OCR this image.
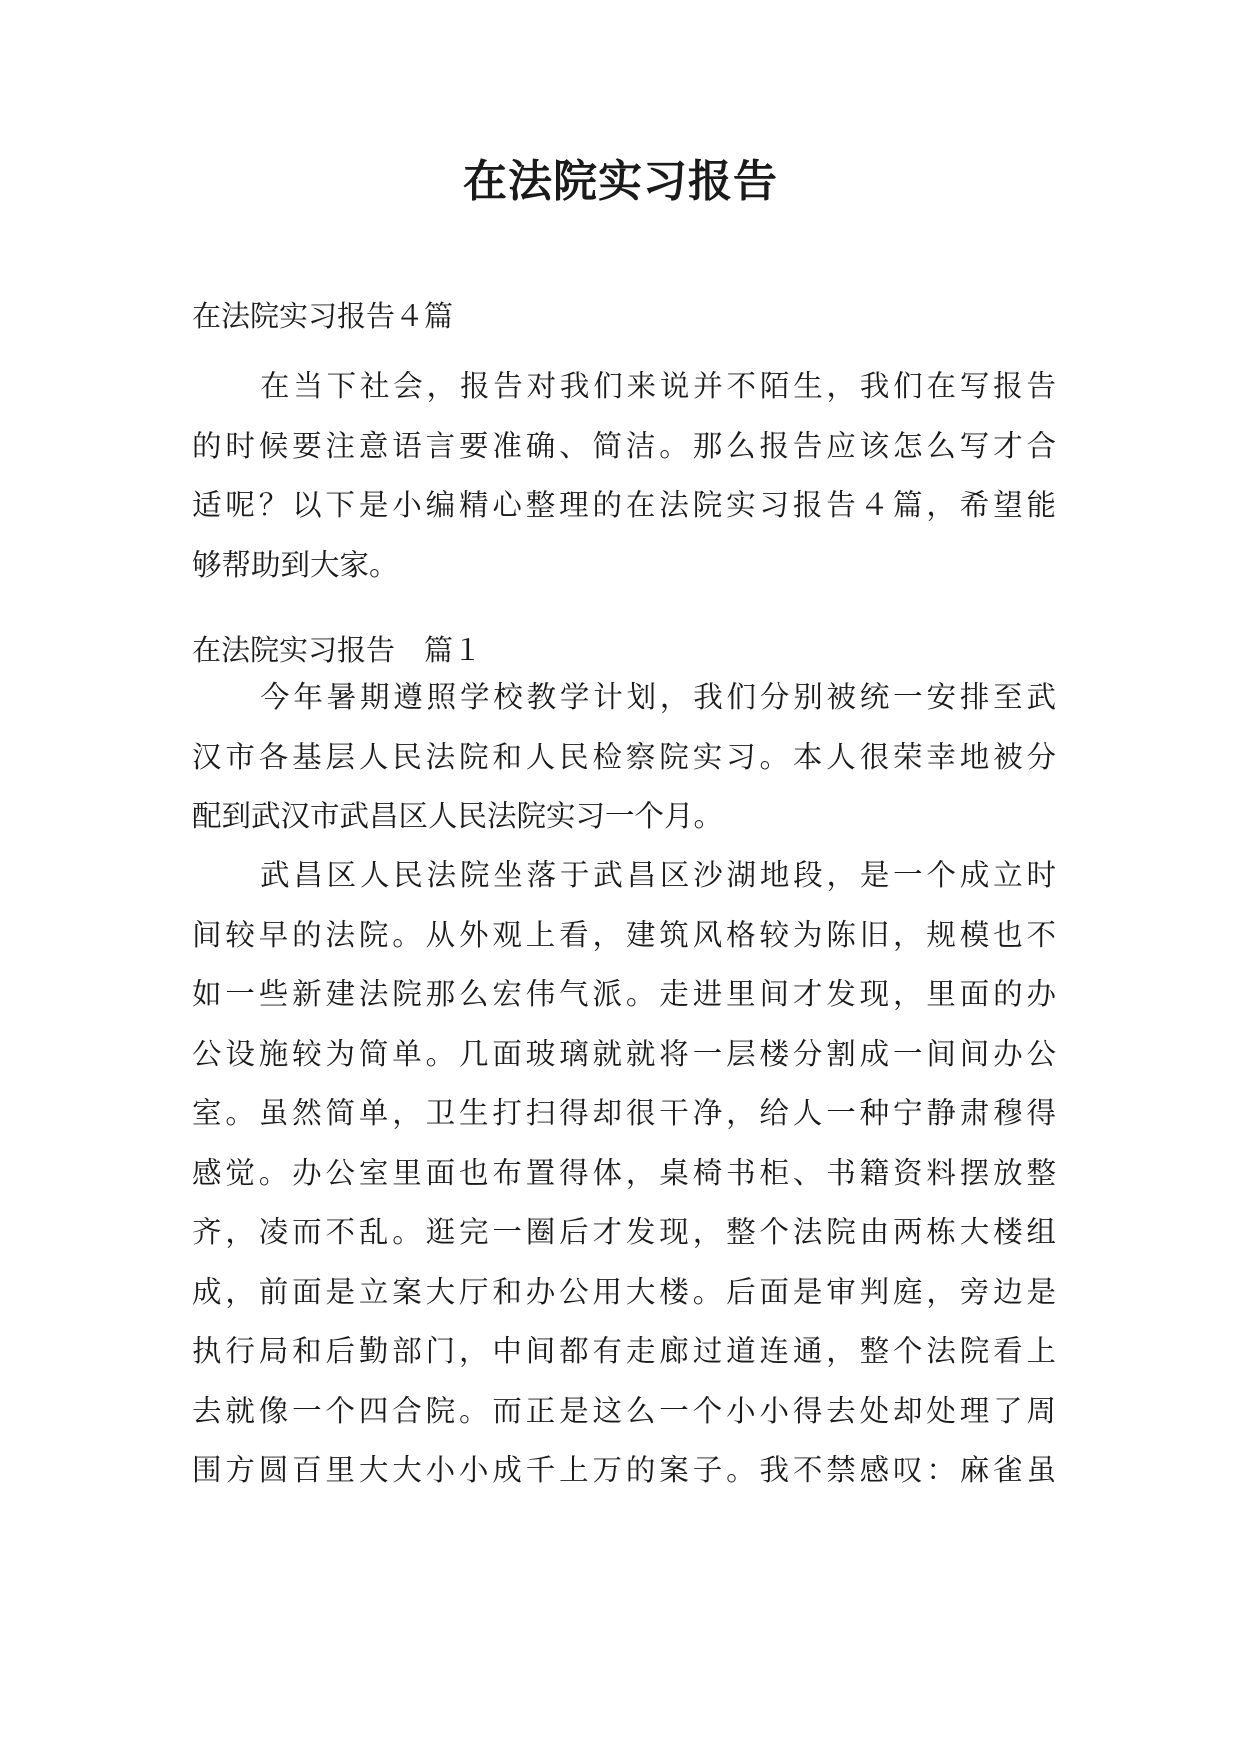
在法院实习报告
在法院实习报告４篇
在当下社会，报告对我们来说并不陌生，我们在写报告
的时候要注意语言要准确、简洁。那么报告应该怎么写才合
适呢？以下是小编精心整理的在法院实习报告４篇，希望能
够帮助到大家。
在法院实习报告　篇１
今年暑期遵照学校教学计划，我们分别被统一安排至武
汉市各基层人民法院和人民检察院实习。本人很荣幸地被分
配到武汉市武昌区人民法院实习一个月。
武昌区人民法院坐落于武昌区沙湖地段，是一个成立时
间较早的法院。从外观上看，建筑风格较为陈旧，规模也不
如一些新建法院那么宏伟气派。走进里间才发现，里面的办
公设施较为简单。几面玻璃就就将一层楼分割成一间间办公
室。虽然简单，卫生打扫得却很干净，给人一种宁静肃穆得
感觉。办公室里面也布置得体，桌椅书柜、书籍资料摆放整
齐，凌而不乱。逛完一圈后才发现，整个法院由两栋大楼组
成，前面是立案大厅和办公用大楼。后面是审判庭，旁边是
执行局和后勤部门，中间都有走廊过道连通，整个法院看上
去就像一个四合院。而正是这么一个小小得去处却处理了周
围方圆百里大大小小成千上万的案子。我不禁感叹：麻雀虽
